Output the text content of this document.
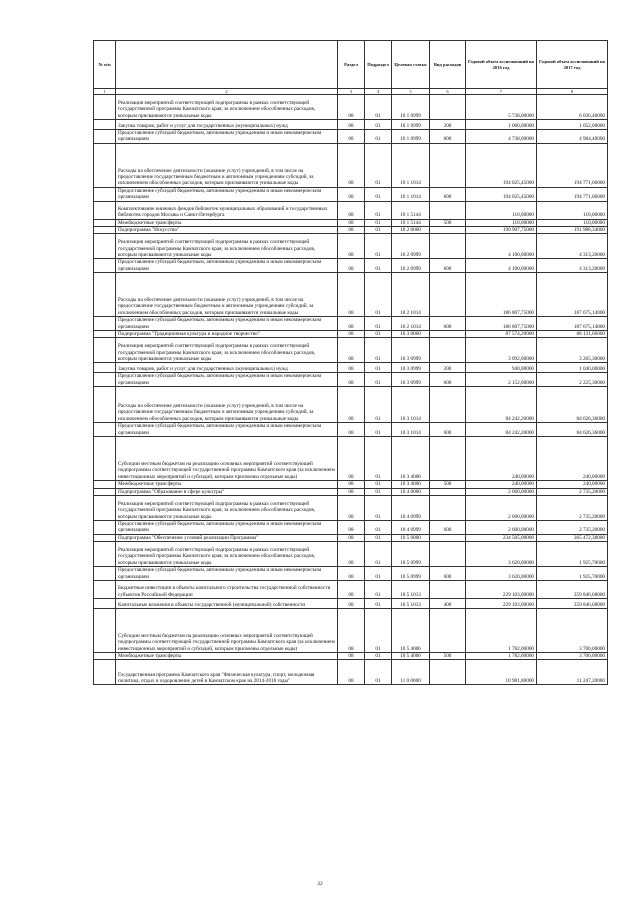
№ п/п		Раздел	Подраздел	Целевая статья	Вид расходов	Годовой объем ассигнований на 2016 год	Годовой объем ассигнований на 2017 год
1	2	3	4	5	6	7	8
	Реализация мероприятий соответствующей подпрограммы в рамках соответствующей государственной программы Камчатского края, за исключением обособленных расходов, которым присваиваются уникальные коды	08	01	10 1 0999		5 738,00000	6 036,40000
	Закупка товаров, работ и услуг для государственных (муниципальных) нужд	08	01	10 1 0999	200	1 000,00000	1 052,00000
	Предоставление субсидий бюджетным, автономным учреждениям и иным некоммерческим организациям	08	01	10 1 0999	600	4 738,00000	4 984,40000
	Расходы на обеспечение деятельности (оказание услуг) учреждений, в том числе на предоставление государственным бюджетным и автономным учреждениям субсидий, за исключением обособленных расходов, которым присваиваются уникальные коды	08	01	10 1 1014		194 025,45000	194 771,66000
	Предоставление субсидий бюджетным, автономным учреждениям и иным некоммерческим организациям	08	01	10 1 1014	600	194 025,45000	194 771,66000
	Комплектование книжных фондов библиотек муниципальных образований и государственных библиотек городов Москвы и Санкт-Петербурга	08	01	10 1 5144		110,00000	110,00000
	Межбюджетные трансферты	08	01	10 1 5144	500	110,00000	110,00000
	Подпрограмма "Искусство"	08	01	10 2 0000		190 907,75000	191 988,34000
	Реализация мероприятий соответствующей подпрограммы в рамках соответствующей государственной программы Камчатского края, за исключением обособленных расходов, которым присваиваются уникальные коды	08	01	10 2 0999		4 100,00000	4 313,20000
	Предоставление субсидий бюджетным, автономным учреждениям и иным некоммерческим организациям	08	01	10 2 0999	600	4 100,00000	4 313,20000
	Расходы на обеспечение деятельности (оказание услуг) учреждений, в том числе на предоставление государственным бюджетным и автономным учреждениям субсидий, за исключением обособленных расходов, которым присваиваются уникальные коды	08	01	10 2 1014		186 807,75000	187 675,14000
	Предоставление субсидий бюджетным, автономным учреждениям и иным некоммерческим организациям	08	01	10 2 1014	600	186 807,75000	187 675,14000
	Подпрограмма "Традиционная культура и народное творчество"	08	01	10 3 0000		87 574,20000	88 131,66000
	Реализация мероприятий соответствующей подпрограммы в рамках соответствующей государственной программы Камчатского края, за исключением обособленных расходов, которым присваиваются уникальные коды	08	01	10 3 0999		3 092,00000	3 265,30000
	Закупка товаров, работ и услуг для государственных (муниципальных) нужд	08	01	10 3 0999	200	940,00000	1 040,00000
	Предоставление субсидий бюджетным, автономным учреждениям и иным некоммерческим организациям	08	01	10 3 0999	600	2 152,00000	2 225,30000
	Расходы на обеспечение деятельности (оказание услуг) учреждений, в том числе на предоставление государственным бюджетным и автономным учреждениям субсидий, за исключением обособленных расходов, которым присваиваются уникальные коды	08	01	10 3 1014		84 242,20000	84 626,36000
	Предоставление субсидий бюджетным, автономным учреждениям и иным некоммерческим организациям	08	01	10 3 1014	600	84 242,20000	84 626,36000
	Субсидии местным бюджетам на реализацию основных мероприятий соответствующей подпрограммы соответствующей государственной программы Камчатского края (за исключением инвестиционных мероприятий и субсидий, которым присвоены отдельные коды)	08	01	10 3 4006		240,00000	240,00000
	Межбюджетные трансферты	08	01	10 3 4006	500	240,00000	240,00000
	Подпрограмма "Образование в сфере культуры"	08	01	10 4 0000		2 600,00000	2 735,20000
	Реализация мероприятий соответствующей подпрограммы в рамках соответствующей государственной программы Камчатского края, за исключением обособленных расходов, которым присваиваются уникальные коды	08	01	10 4 0999		2 600,00000	2 735,20000
	Предоставление субсидий бюджетным, автономным учреждениям и иным некоммерческим организациям	08	01	10 4 0999	600	2 600,00000	2 735,20000
	Подпрограмма "Обеспечение условий реализации Программы"	08	01	10 5 0000		234 505,00000	365 472,38000
	Реализация мероприятий соответствующей подпрограммы в рамках соответствующей государственной программы Камчатского края, за исключением обособленных расходов, которым присваиваются уникальные коды	08	01	10 5 0999		3 620,00000	1 925,70000
	Предоставление субсидий бюджетным, автономным учреждениям и иным некоммерческим организациям	08	01	10 5 0999	600	3 620,00000	1 925,70000
	Бюджетные инвестиции в объекты капитального строительства государственной собственности субъектов Российской Федерации	08	01	10 5 1013		229 103,00000	359 846,68000
	Капитальные вложения в объекты государственной (муниципальной) собственности	08	01	10 5 1013	400	229 103,00000	359 846,68000
	Субсидии местным бюджетам на реализацию основных мероприятий соответствующей подпрограммы соответствующей государственной программы Камчатского края (за исключением инвестиционных мероприятий и субсидий, которым присвоены отдельные коды)	08	01	10 5 4006		1 782,00000	3 700,00000
	Межбюджетные трансферты	08	01	10 5 4006	500	1 782,00000	3 700,00000
	Государственная программа Камчатского края "Физическая культура, спорт, молодежная политика, отдых и оздоровление детей в Камчатском крае на 2014-2018 годы"	08	01	11 0 0000		10 981,80000	11 247,20000
32
